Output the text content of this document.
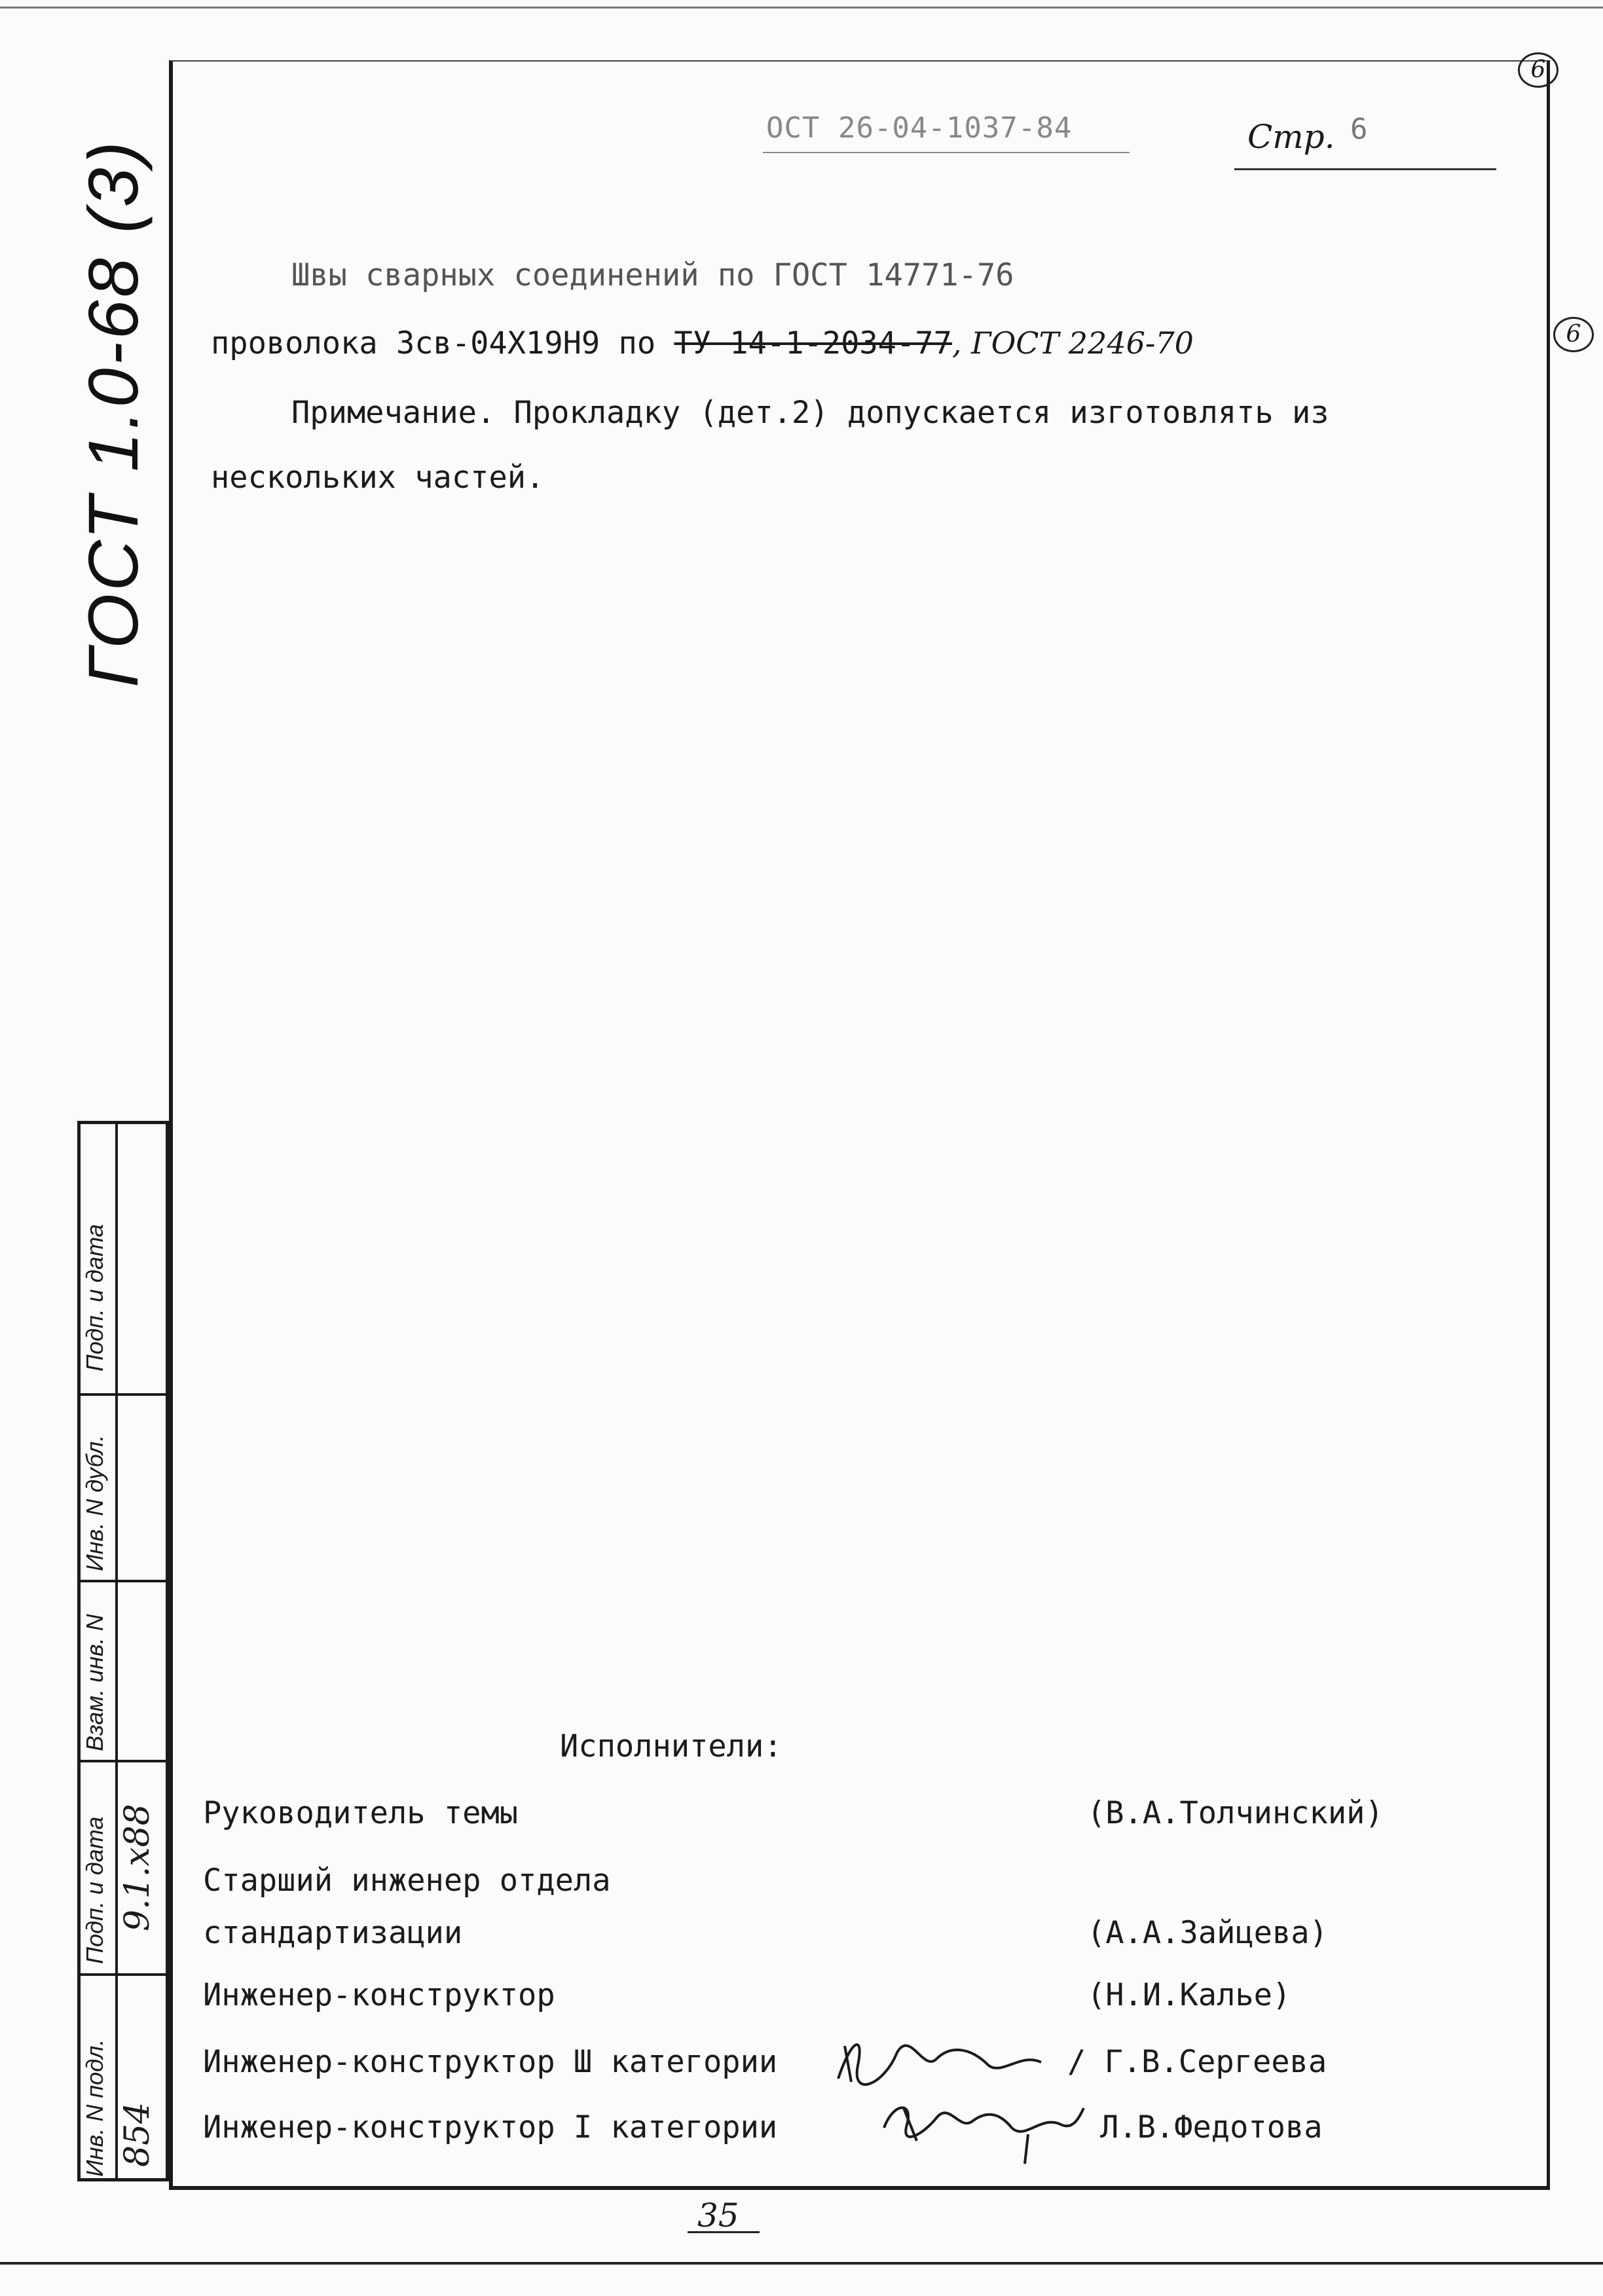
ОСТ 26-04-1037-84	Стр. 6
6
6
ГОСТ 1.0-68 (3)	Швы сварных соединений по ГОСТ 14771-76
проволока Зсв-04Х19Н9 по ТУ 14-1-2034-77, ГОСТ 2246-70
Примечание. Прокладку (дет.2) допускается изготовлять из
нескольких частей.
Исполнители:
Руководитель темы	(В.А.Толчинский)
Старший инженер отдела
стандартизации	(А.А.Зайцева)
Инженер-конструктор	(Н.И.Калье)
Инженер-конструктор Ш категории	/ Г.В.Сергеева
Инженер-конструктор I категории	Л.В.Федотова
Подп. и дата
Инв. N дубл.
Взам. инв. N
Подп. и дата
Инв. N подл.
9.1.x88
854
35
